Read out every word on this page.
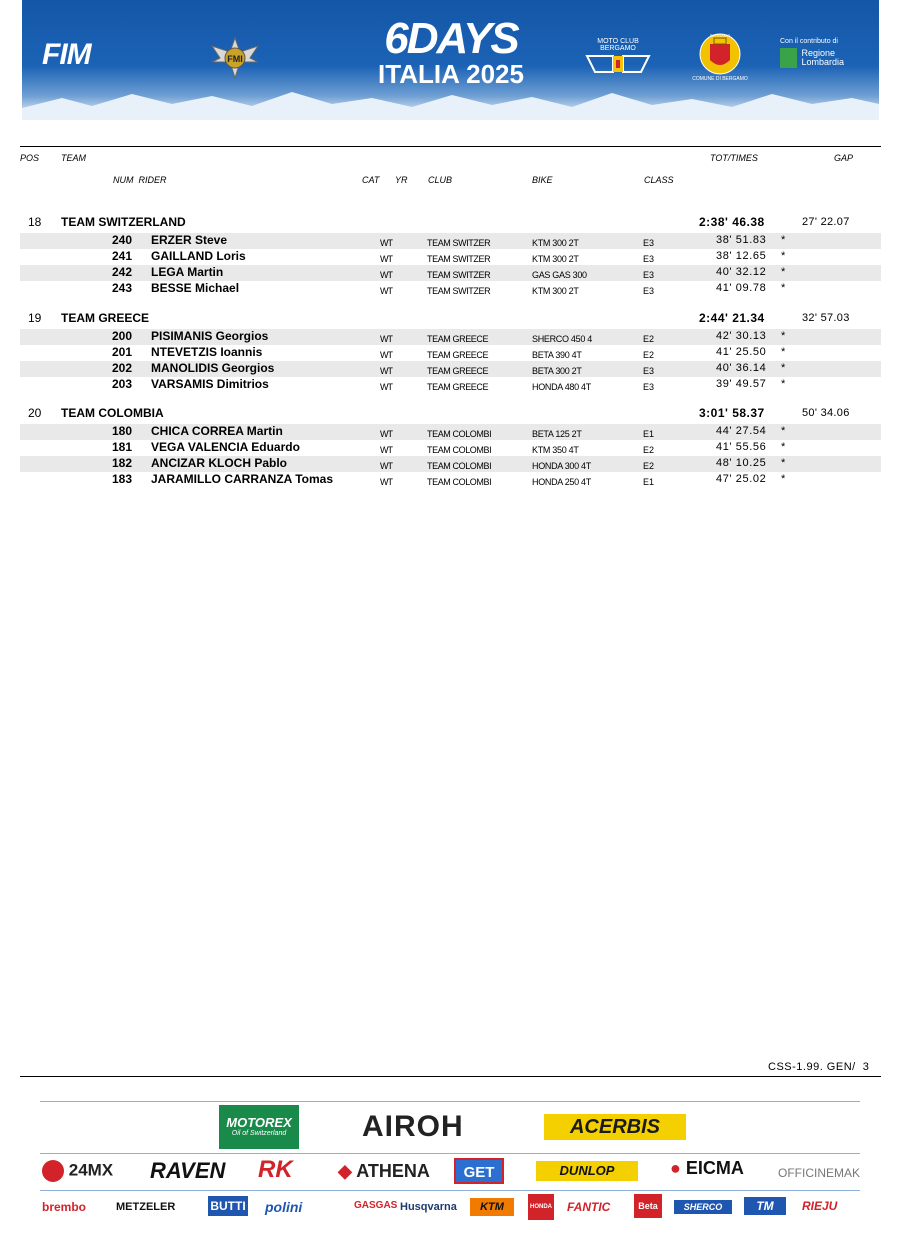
FIM	FMI	6DAYS
ITALIA 2025
MOTO CLUB BERGAMO
BERGAMO
COMUNE DI BERGAMO
Con il contributo di
Regione Lombardia
POS TEAM	TOT/TIMES	GAP
NUM  RIDER	CAT YR CLUB	BIKE	CLASS
18 TEAM SWITZERLAND	2:38' 46.38	27' 22.07
240 ERZER Steve	WT	TEAM SWITZER	KTM 300 2T	E3	38' 51.83 *
241 GAILLAND Loris	WT	TEAM SWITZER	KTM 300 2T	E3	38' 12.65 *
242 LEGA Martin	WT	TEAM SWITZER	GAS GAS 300	E3	40' 32.12 *
243 BESSE Michael	WT	TEAM SWITZER	KTM 300 2T	E3	41' 09.78 *
19 TEAM GREECE	2:44' 21.34	32' 57.03
200 PISIMANIS Georgios	WT	TEAM GREECE	SHERCO 450 4	E2	42' 30.13 *
201 NTEVETZIS Ioannis	WT	TEAM GREECE	BETA 390 4T	E2	41' 25.50 *
202 MANOLIDIS Georgios	WT	TEAM GREECE	BETA 300 2T	E3	40' 36.14 *
203 VARSAMIS Dimitrios	WT	TEAM GREECE	HONDA 480 4T	E3	39' 49.57 *
20 TEAM COLOMBIA	3:01' 58.37	50' 34.06
180 CHICA CORREA Martin	WT	TEAM COLOMBI	BETA 125 2T	E1	44' 27.54 *
181 VEGA VALENCIA Eduardo	WT	TEAM COLOMBI	KTM 350 4T	E2	41' 55.56 *
182 ANCIZAR KLOCH Pablo	WT	TEAM COLOMBI	HONDA 300 4T	E2	48' 10.25 *
183 JARAMILLO CARRANZA Tomas	WT	TEAM COLOMBI	HONDA 250 4T	E1	47' 25.02 *
CSS-1.99. GEN/  3
MOTOREX
Oil of Switzerland	AIROH	ACERBIS
24MX RAVEN RK	◆ ATHENA	GET	DUNLOP	● EICMA	OFFICINEMAK
brembo	METZELER	BUTTI polini	GASGAS Husqvarna	KTM	HONDA FANTIC	Beta	SHERCO	TM	RIEJU
